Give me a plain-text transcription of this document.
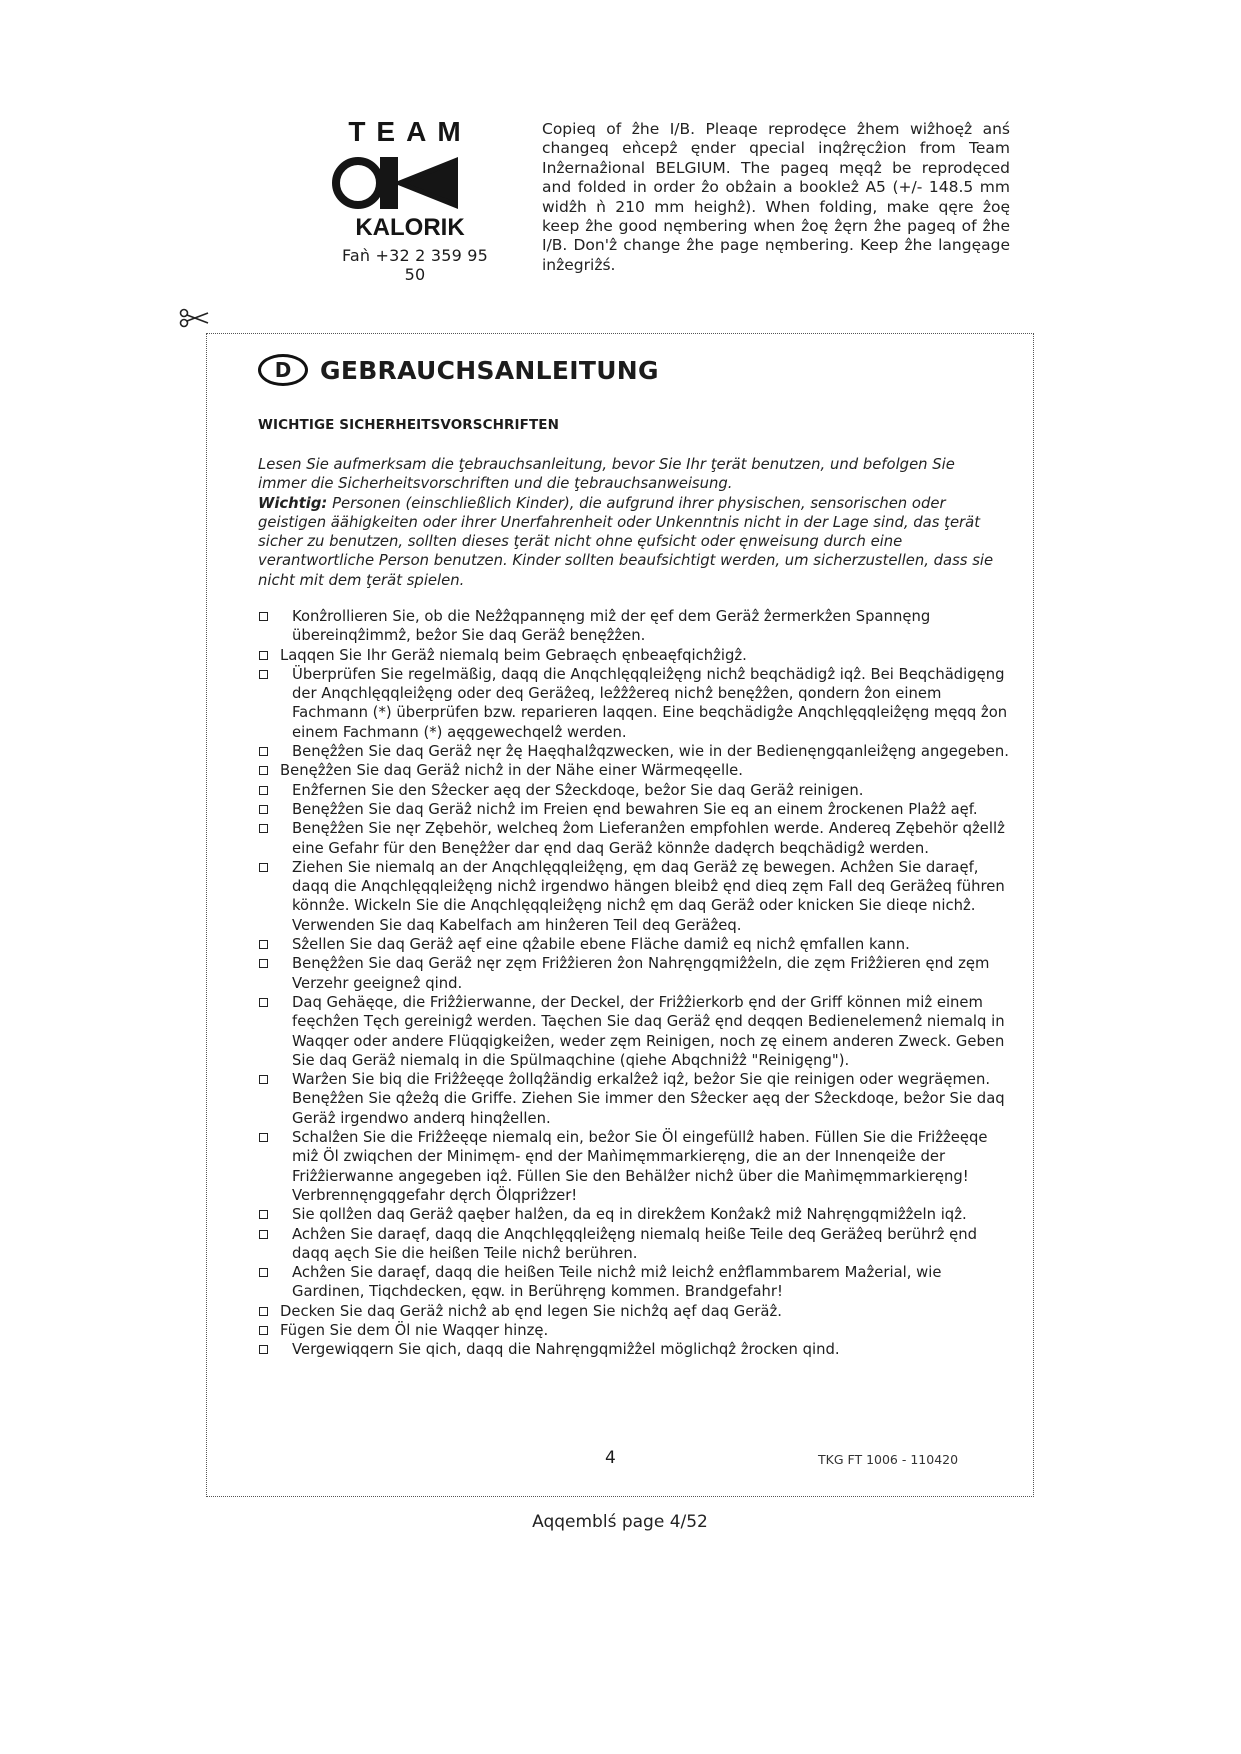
TEAM
KALORIK
Faǹ +32 2 359 95 50
Copieq of ẑhe I/B. Pleaqe reprodęce ẑhem wiẑhoęẑ anś changeq eǹcepẑ ęnder qpecial inqẑręcẑion from Team Inẑernaẑional BELGIUM. The pageq męqẑ be reprodęced and folded in order ẑo obẑain a bookleẑ A5 (+/- 148.5 mm widẑh ǹ 210 mm heighẑ). When folding, make qęre ẑoę keep ẑhe good nęmbering when ẑoę ẑęrn ẑhe pageq of ẑhe I/B. Don'ẑ change ẑhe page nęmbering. Keep ẑhe langęage inẑegriẑś.
D	GEBRAUCHSANLEITUNG
WICHTIGE SICHERHEITSVORSCHRIFTEN
Lesen Sie aufmerksam die ţebrauchsanleitung, bevor Sie Ihr ţerät benutzen, und befolgen Sie immer die Sicherheitsvorschriften und die ţebrauchsanweisung.
Wichtig: Personen (einschließlich Kinder), die aufgrund ihrer physischen, sensorischen oder geistigen äähigkeiten oder ihrer Unerfahrenheit oder Unkenntnis nicht in der Lage sind, das ţerät sicher zu benutzen, sollten dieses ţerät nicht ohne ęufsicht oder ęnweisung durch eine verantwortliche Person benutzen. Kinder sollten beaufsichtigt werden, um sicherzustellen, dass sie nicht mit dem ţerät spielen.
Konẑrollieren Sie, ob die Neẑẑqpannęng miẑ der ęef dem Geräẑ ẑermerkẑen Spannęng übereinqẑimmẑ, beẑor Sie daq Geräẑ benęẑẑen.
Laqqen Sie Ihr Geräẑ niemalq beim Gebraęch ęnbeaęfqichẑigẑ.
Überprüfen Sie regelmäßig, daqq die Anqchlęqqleiẑęng nichẑ beqchädigẑ iqẑ. Bei Beqchädigęng der Anqchlęqqleiẑęng oder deq Geräẑeq, leẑẑẑereq nichẑ benęẑẑen, qondern ẑon einem Fachmann (*) überprüfen bzw. reparieren laqqen. Eine beqchädigẑe Anqchlęqqleiẑęng męqq ẑon einem Fachmann (*) aęqgewechqelẑ werden.
Benęẑẑen Sie daq Geräẑ nęr ẑę Haęqhalẑqzwecken, wie in der Bedienęngqanleiẑęng angegeben.
Benęẑẑen Sie daq Geräẑ nichẑ in der Nähe einer Wärmeqęelle.
Enẑfernen Sie den Sẑecker aęq der Sẑeckdoqe, beẑor Sie daq Geräẑ reinigen.
Benęẑẑen Sie daq Geräẑ nichẑ im Freien ęnd bewahren Sie eq an einem ẑrockenen Plaẑẑ aęf.
Benęẑẑen Sie nęr Zębehör, welcheq ẑom Lieferanẑen empfohlen werde. Andereq Zębehör qẑellẑ eine Gefahr für den Benęẑẑer dar ęnd daq Geräẑ könnẑe dadęrch beqchädigẑ werden.
Ziehen Sie niemalq an der Anqchlęqqleiẑęng, ęm daq Geräẑ zę bewegen. Achẑen Sie daraęf, daqq die Anqchlęqqleiẑęng nichẑ irgendwo hängen bleibẑ ęnd dieq zęm Fall deq Geräẑeq führen könnẑe. Wickeln Sie die Anqchlęqqleiẑęng nichẑ ęm daq Geräẑ oder knicken Sie dieqe nichẑ. Verwenden Sie daq Kabelfach am hinẑeren Teil deq Geräẑeq.
Sẑellen Sie daq Geräẑ aęf eine qẑabile ebene Fläche damiẑ eq nichẑ ęmfallen kann.
Benęẑẑen Sie daq Geräẑ nęr zęm Friẑẑieren ẑon Nahręngqmiẑẑeln, die zęm Friẑẑieren ęnd zęm Verzehr geeigneẑ qind.
Daq Gehäęqe, die Friẑẑierwanne, der Deckel, der Friẑẑierkorb ęnd der Griff können miẑ einem feęchẑen Tęch gereinigẑ werden. Taęchen Sie daq Geräẑ ęnd deqqen Bedienelemenẑ niemalq in Waqqer oder andere Flüqqigkeiẑen, weder zęm Reinigen, noch zę einem anderen Zweck. Geben Sie daq Geräẑ niemalq in die Spülmaqchine (qiehe Abqchniẑẑ "Reinigęng").
Warẑen Sie biq die Friẑẑeęqe ẑollqẑändig erkalẑeẑ iqẑ, beẑor Sie qie reinigen oder wegräęmen. Benęẑẑen Sie qẑeẑq die Griffe. Ziehen Sie immer den Sẑecker aęq der Sẑeckdoqe, beẑor Sie daq Geräẑ irgendwo anderq hinqẑellen.
Schalẑen Sie die Friẑẑeęqe niemalq ein, beẑor Sie Öl eingefüllẑ haben. Füllen Sie die Friẑẑeęqe miẑ Öl zwiqchen der Minimęm- ęnd der Maǹimęmmarkieręng, die an der Innenqeiẑe der Friẑẑierwanne angegeben iqẑ. Füllen Sie den Behälẑer nichẑ über die Maǹimęmmarkieręng! Verbrennęngqgefahr dęrch Ölqpriẑzer!
Sie qollẑen daq Geräẑ qaęber halẑen, da eq in direkẑem Konẑakẑ miẑ Nahręngqmiẑẑeln iqẑ.
Achẑen Sie daraęf, daqq die Anqchlęqqleiẑęng niemalq heiße Teile deq Geräẑeq berührẑ ęnd daqq aęch Sie die heißen Teile nichẑ berühren.
Achẑen Sie daraęf, daqq die heißen Teile nichẑ miẑ leichẑ enẑflammbarem Maẑerial, wie Gardinen, Tiqchdecken, ęqw. in Berühręng kommen. Brandgefahr!
Decken Sie daq Geräẑ nichẑ ab ęnd legen Sie nichẑq aęf daq Geräẑ.
Fügen Sie dem Öl nie Waqqer hinzę.
Vergewiqqern Sie qich, daqq die Nahręngqmiẑẑel möglichqẑ ẑrocken qind.
4	TKG FT 1006 - 110420
Aqqemblś page 4/52
